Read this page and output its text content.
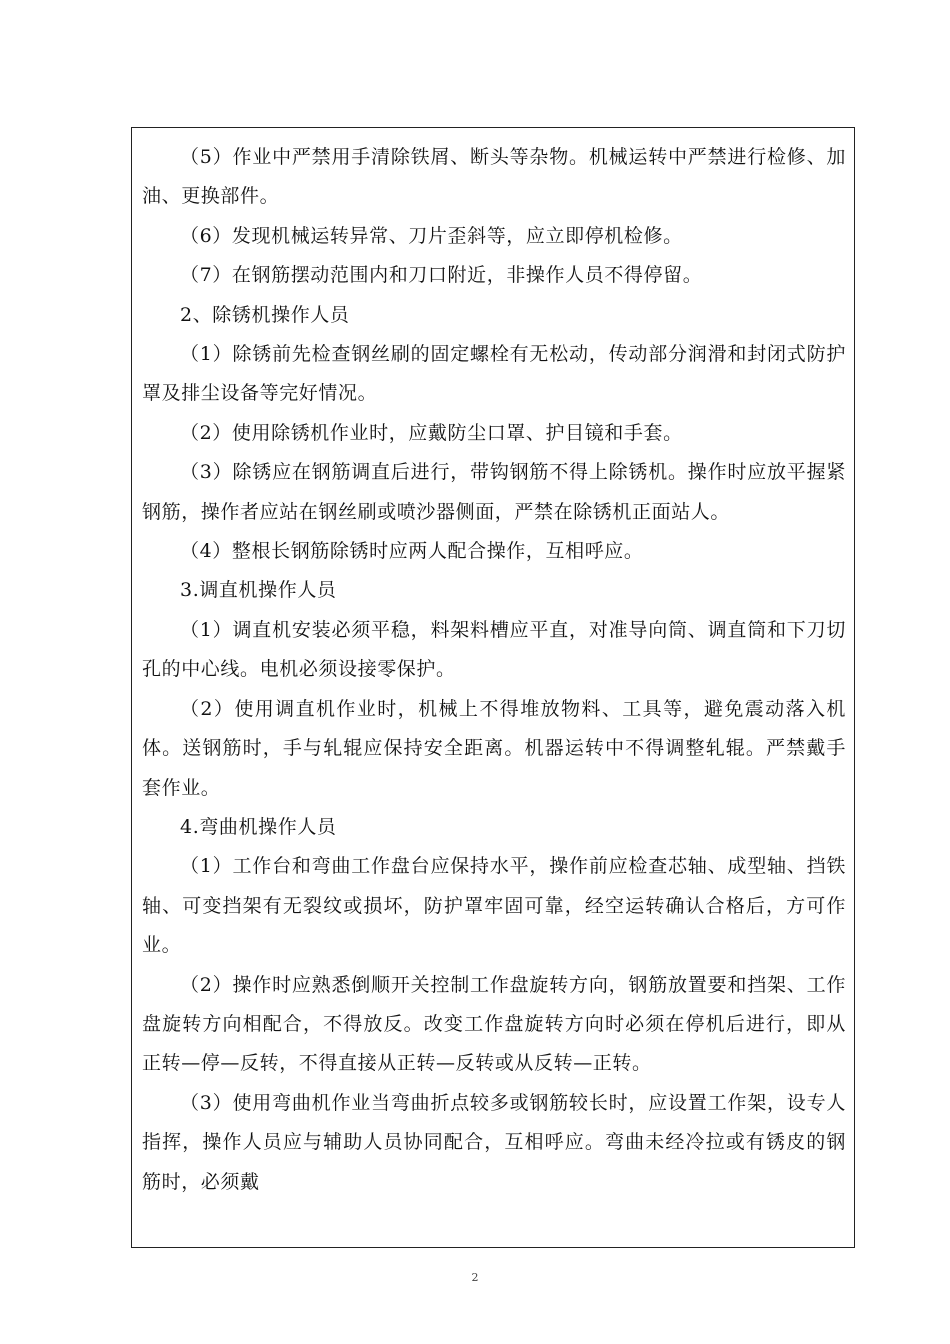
（5）作业中严禁用手清除铁屑、断头等杂物。机械运转中严禁进行检修、加油、更换部件。

（6）发现机械运转异常、刀片歪斜等，应立即停机检修。

（7）在钢筋摆动范围内和刀口附近，非操作人员不得停留。

2、除锈机操作人员

（1）除锈前先检查钢丝刷的固定螺栓有无松动，传动部分润滑和封闭式防护罩及排尘设备等完好情况。

（2）使用除锈机作业时，应戴防尘口罩、护目镜和手套。

（3）除锈应在钢筋调直后进行，带钩钢筋不得上除锈机。操作时应放平握紧钢筋，操作者应站在钢丝刷或喷沙器侧面，严禁在除锈机正面站人。

（4）整根长钢筋除锈时应两人配合操作，互相呼应。

3.调直机操作人员

（1）调直机安装必须平稳，料架料槽应平直，对准导向筒、调直筒和下刀切孔的中心线。电机必须设接零保护。

（2）使用调直机作业时，机械上不得堆放物料、工具等，避免震动落入机体。送钢筋时，手与轧辊应保持安全距离。机器运转中不得调整轧辊。严禁戴手套作业。

4.弯曲机操作人员

（1）工作台和弯曲工作盘台应保持水平，操作前应检查芯轴、成型轴、挡铁轴、可变挡架有无裂纹或损坏，防护罩牢固可靠，经空运转确认合格后，方可作业。

（2）操作时应熟悉倒顺开关控制工作盘旋转方向，钢筋放置要和挡架、工作盘旋转方向相配合，不得放反。改变工作盘旋转方向时必须在停机后进行，即从正转—停—反转，不得直接从正转—反转或从反转—正转。

（3）使用弯曲机作业当弯曲折点较多或钢筋较长时，应设置工作架，设专人指挥，操作人员应与辅助人员协同配合，互相呼应。弯曲未经冷拉或有锈皮的钢筋时，必须戴

2
